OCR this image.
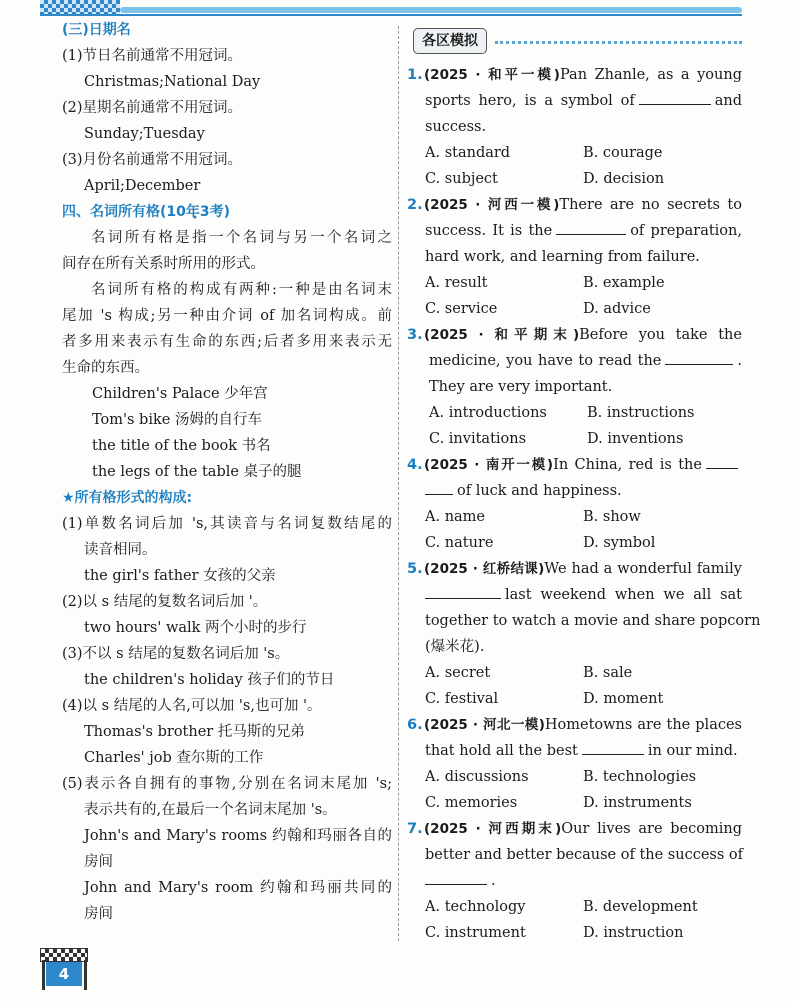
(三)日期名
(1)节日名前通常不用冠词。
Christmas;National Day
(2)星期名前通常不用冠词。
Sunday;Tuesday
(3)月份名前通常不用冠词。
April;December
四、名词所有格(10年3考 ·)
名词所有格是指一个名词与另一个名词之
间存在所有关系时所用的形式。
名词所有格的构成有两种:一种是由名词末
尾加 's 构成;另一种由介词 of 加名词构成。前
者多用来表示有生命的东西;后者多用来表示无
生命的东西。
Children's Palace 少年宫
Tom's bike 汤姆的自行车
the title of the book 书名
the legs of the table 桌子的腿
★所有格形式的构成:
(1)单数名词后加 's,其读音与名词复数结尾的
读音相同。
the girl's father 女孩的父亲
(2)以 s 结尾的复数名词后加 '。
two hours' walk 两个小时的步行
(3)不以 s 结尾的复数名词后加 's。
the children's holiday 孩子们的节日
(4)以 s 结尾的人名,可以加 's,也可加 '。
Thomas's brother 托马斯的兄弟
Charles' job 查尔斯的工作
(5)表示各自拥有的事物,分别在名词末尾加 's;
表示共有的,在最后一个名词末尾加 's。
John's and Mary's rooms 约翰和玛丽各自的
房间
John and Mary's room 约翰和玛丽共同的
房间
各区模拟
1.(2025 · 和平一模)Pan Zhanle, as a young
sports hero, is a symbol of	and
success.
A. standard	B. courage
C. subject	D. decision
2.(2025 · 河西一模)There are no secrets to
success. It is the	of preparation,
hard work, and learning from failure.
A. result	B. example
C. service	D. advice
3.(2025 · 和平期末)Before you take the
medicine, you have to read the	.
They are very important.
A. introductions	B. instructions
C. invitations	D. inventions
4.(2025 · 南开一模)In China, red is the
of luck and happiness.
A. name	B. show
C. nature	D. symbol
5.(2025 · 红桥结课)We had a wonderful family
last weekend when we all sat
together to watch a movie and share popcorn
(爆米花).
A. secret	B. sale
C. festival	D. moment
6.(2025 · 河北一模)Hometowns are the places
that hold all the best	in our mind.
A. discussions	B. technologies
C. memories	D. instruments
7.(2025 · 河西期末)Our lives are becoming
better and better because of the success of
.
A. technology	B. development
C. instrument	D. instruction
4
